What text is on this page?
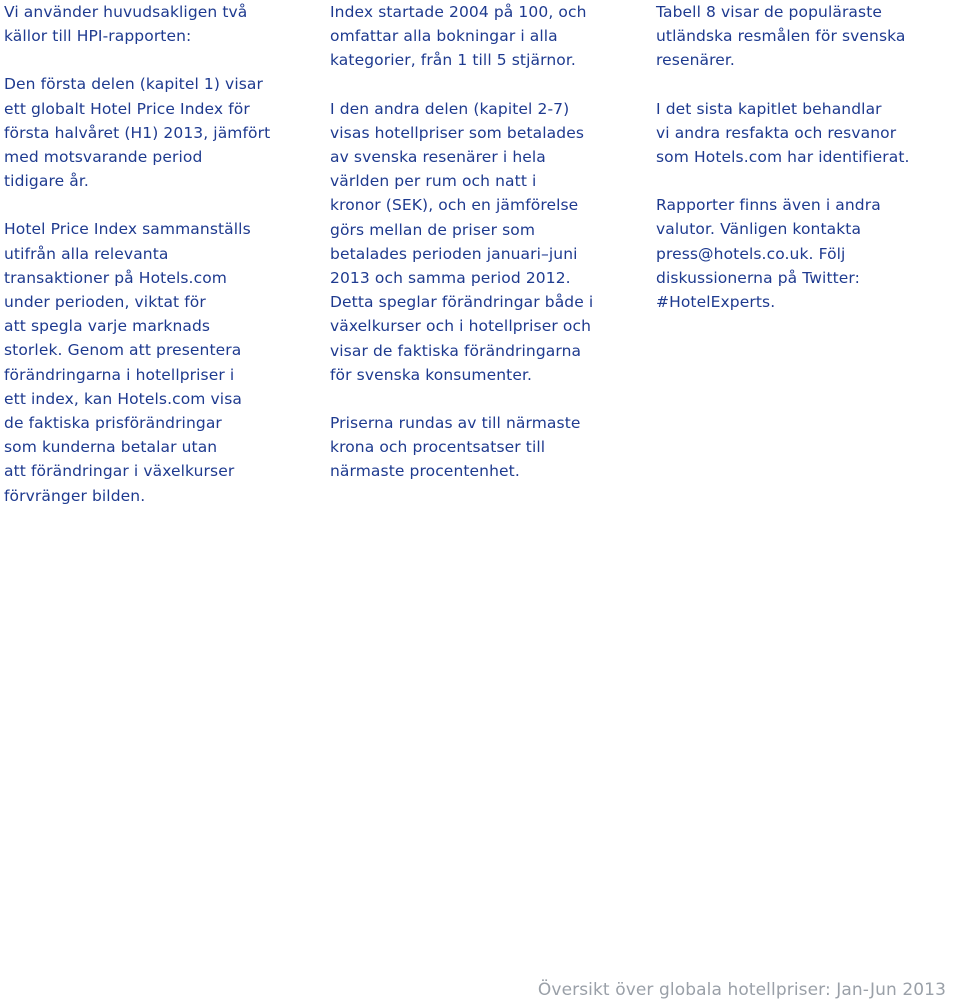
Vi använder huvudsakligen två
källor till HPI-rapporten:

Den första delen (kapitel 1) visar
ett globalt Hotel Price Index för
första halvåret (H1) 2013, jämfört
med motsvarande period
tidigare år.

Hotel Price Index sammanställs
utifrån alla relevanta
transaktioner på Hotels.com
under perioden, viktat för
att spegla varje marknads
storlek. Genom att presentera
förändringarna i hotellpriser i
ett index, kan Hotels.com visa
de faktiska prisförändringar
som kunderna betalar utan
att förändringar i växelkurser
förvränger bilden.

Index startade 2004 på 100, och
omfattar alla bokningar i alla
kategorier, från 1 till 5 stjärnor.

I den andra delen (kapitel 2-7)
visas hotellpriser som betalades
av svenska resenärer i hela
världen per rum och natt i
kronor (SEK), och en jämförelse
görs mellan de priser som
betalades perioden januari–juni
2013 och samma period 2012.
Detta speglar förändringar både i
växelkurser och i hotellpriser och
visar de faktiska förändringarna
för svenska konsumenter.

Priserna rundas av till närmaste
krona och procentsatser till
närmaste procentenhet.

Tabell 8 visar de populäraste
utländska resmålen för svenska
resenärer.

I det sista kapitlet behandlar
vi andra resfakta och resvanor
som Hotels.com har identifierat.

Rapporter finns även i andra
valutor. Vänligen kontakta
press@hotels.co.uk. Följ
diskussionerna på Twitter:
#HotelExperts.

Översikt över globala hotellpriser: Jan-Jun 2013
